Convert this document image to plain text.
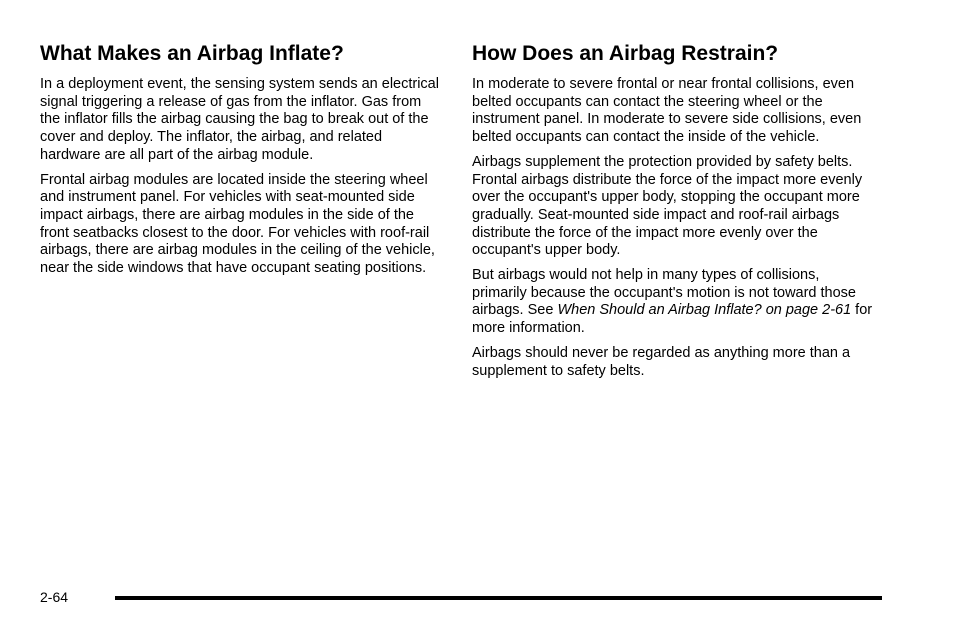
What Makes an Airbag Inflate?

In a deployment event, the sensing system sends an electrical signal triggering a release of gas from the inflator. Gas from the inflator fills the airbag causing the bag to break out of the cover and deploy. The inflator, the airbag, and related hardware are all part of the airbag module.

Frontal airbag modules are located inside the steering wheel and instrument panel. For vehicles with seat-mounted side impact airbags, there are airbag modules in the side of the front seatbacks closest to the door. For vehicles with roof-rail airbags, there are airbag modules in the ceiling of the vehicle, near the side windows that have occupant seating positions.

How Does an Airbag Restrain?

In moderate to severe frontal or near frontal collisions, even belted occupants can contact the steering wheel or the instrument panel. In moderate to severe side collisions, even belted occupants can contact the inside of the vehicle.

Airbags supplement the protection provided by safety belts. Frontal airbags distribute the force of the impact more evenly over the occupant's upper body, stopping the occupant more gradually. Seat-mounted side impact and roof-rail airbags distribute the force of the impact more evenly over the occupant's upper body.

But airbags would not help in many types of collisions, primarily because the occupant's motion is not toward those airbags. See When Should an Airbag Inflate? on page 2-61 for more information.

Airbags should never be regarded as anything more than a supplement to safety belts.

2-64
